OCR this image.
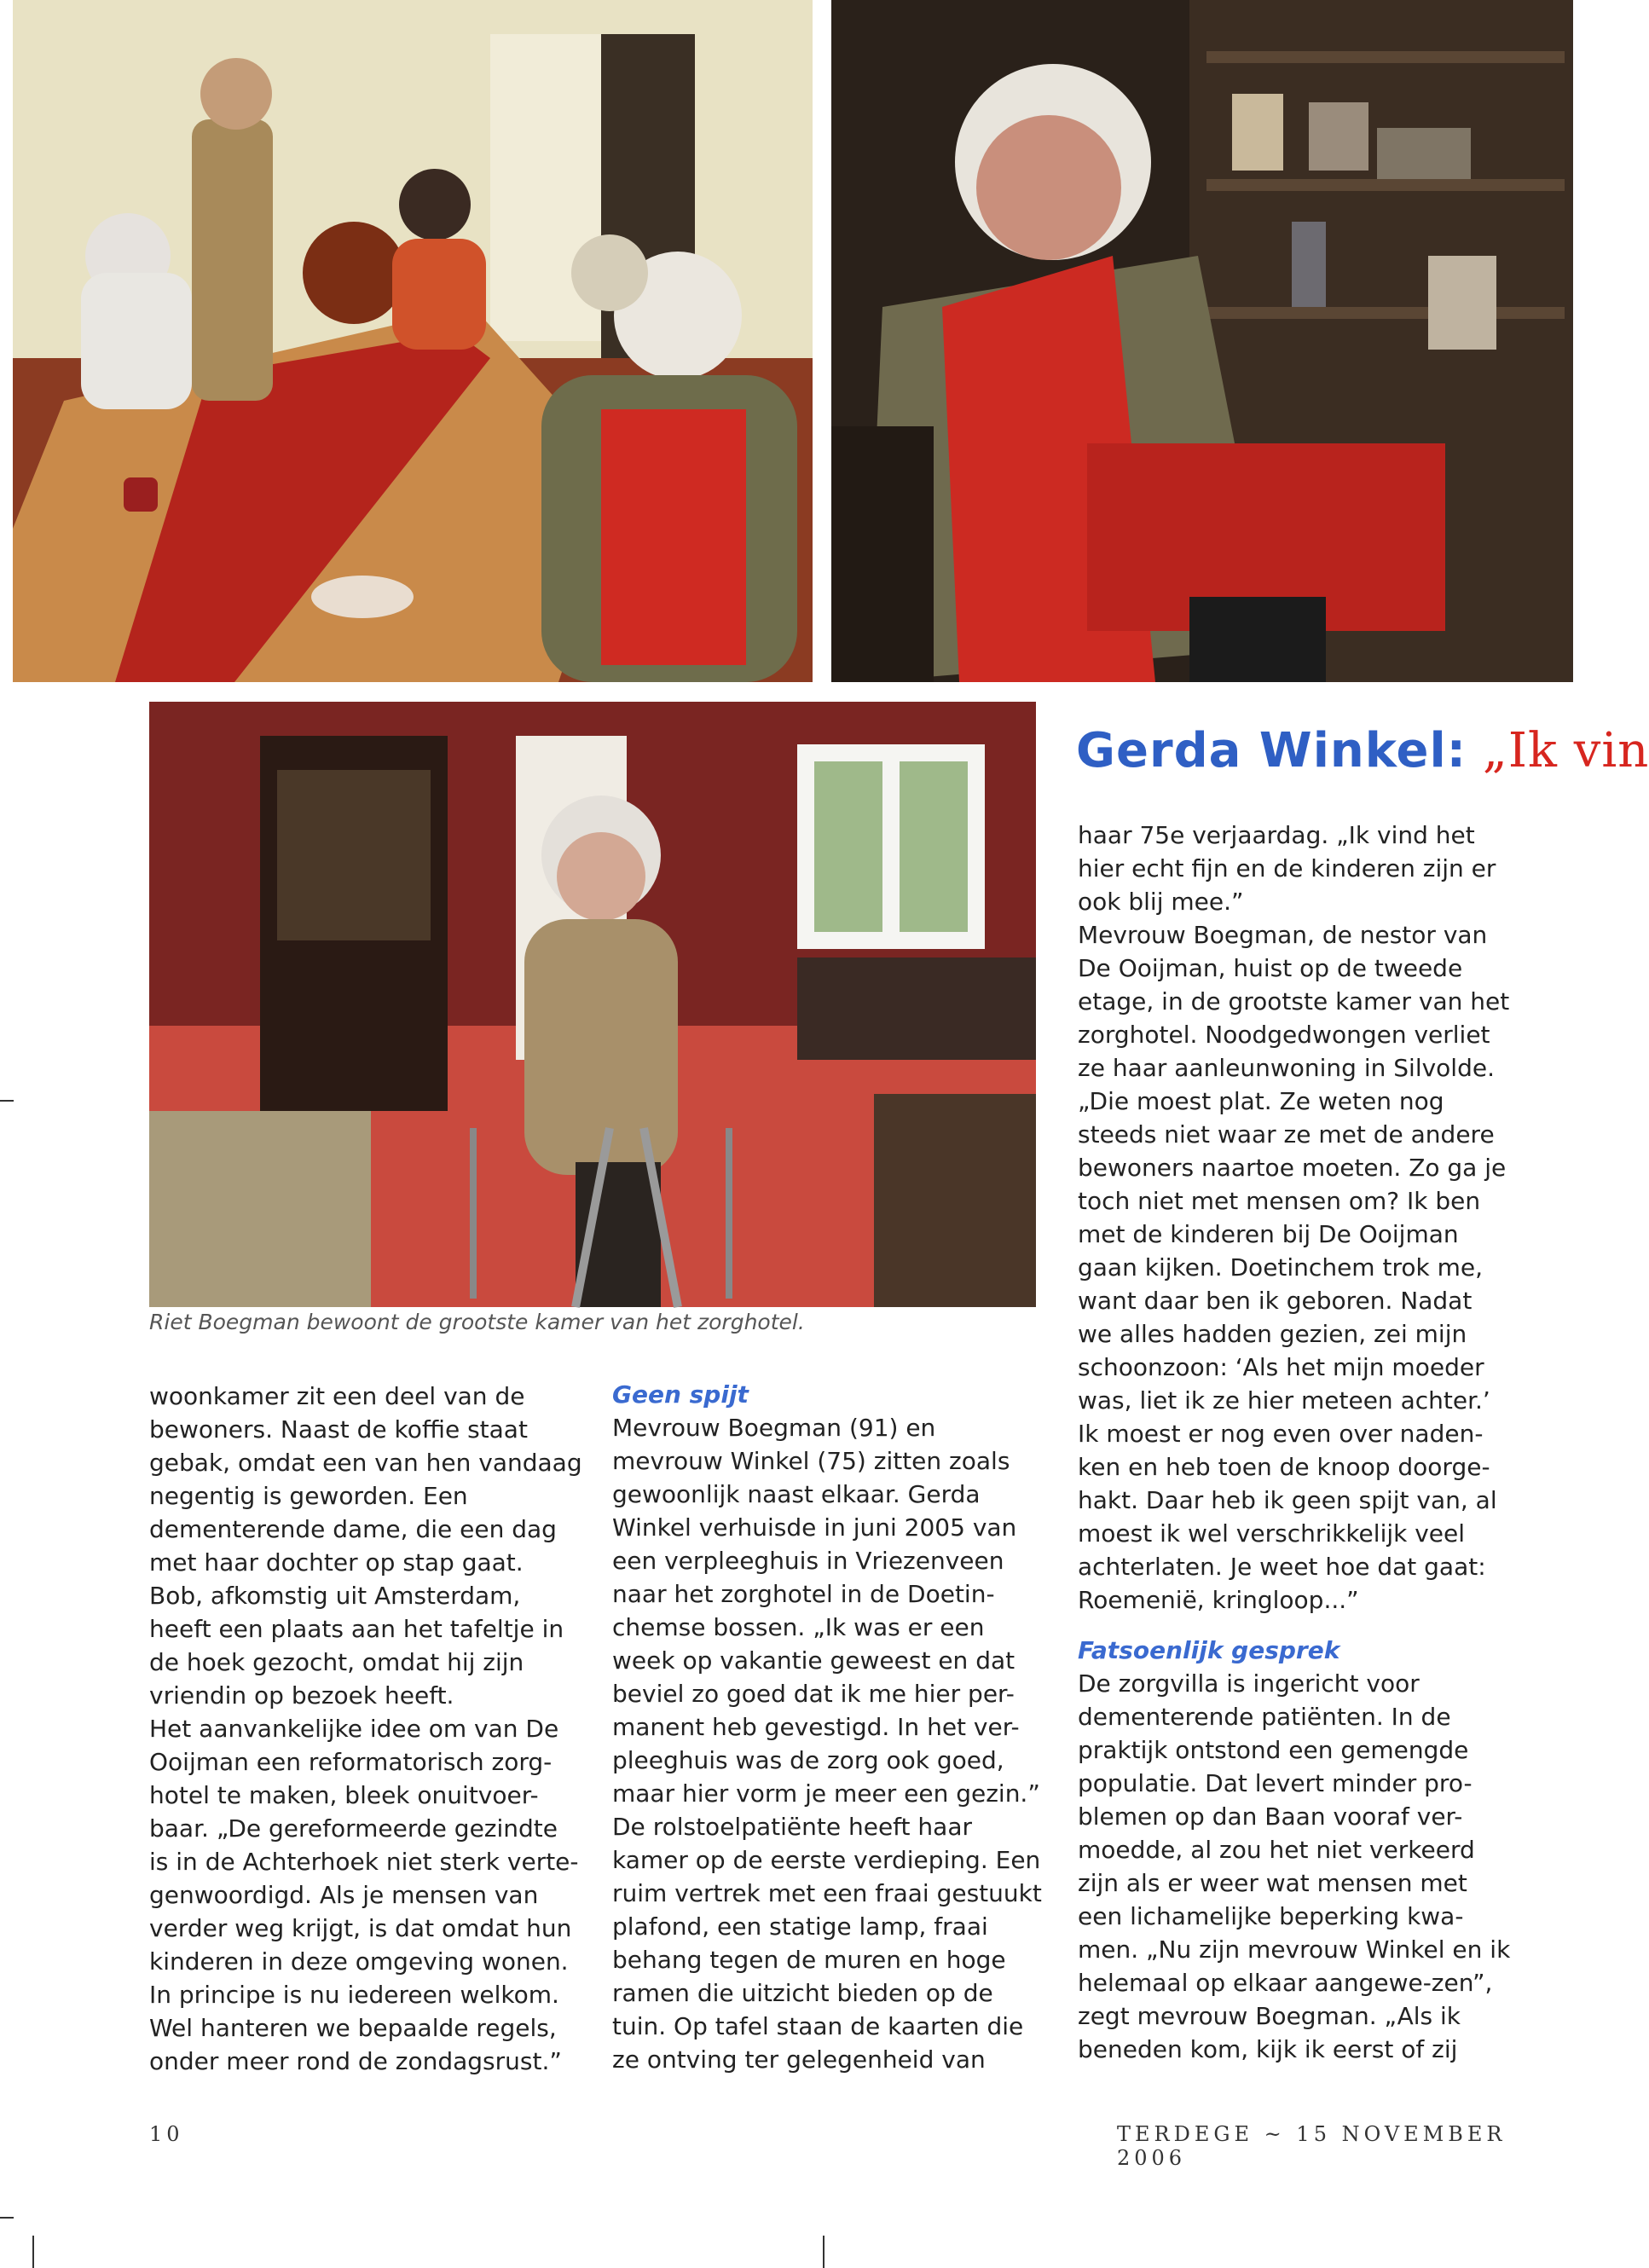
Gerda Winkel: „Ik vin
Riet Boegman bewoont de grootste kamer van het zorghotel.

woonkamer zit een deel van de bewoners. Naast de koffie staat gebak, omdat een van hen vandaag negentig is geworden. Een dementerende dame, die een dag met haar dochter op stap gaat. Bob, afkomstig uit Amsterdam, heeft een plaats aan het tafeltje in de hoek gezocht, omdat hij zijn vriendin op bezoek heeft.

Het aanvankelijke idee om van De Ooijman een reformatorisch zorg-hotel te maken, bleek onuitvoer-baar. „De gereformeerde gezindte is in de Achterhoek niet sterk verte-genwoordigd. Als je mensen van verder weg krijgt, is dat omdat hun kinderen in deze omgeving wonen. In principe is nu iedereen welkom. Wel hanteren we bepaalde regels, onder meer rond de zondagsrust.”

Geen spijt

Mevrouw Boegman (91) en mevrouw Winkel (75) zitten zoals gewoonlijk naast elkaar. Gerda Winkel verhuisde in juni 2005 van een verpleeghuis in Vriezenveen naar het zorghotel in de Doetin-chemse bossen. „Ik was er een week op vakantie geweest en dat beviel zo goed dat ik me hier per-manent heb gevestigd. In het ver-pleeghuis was de zorg ook goed, maar hier vorm je meer een gezin.” De rolstoelpatiënte heeft haar kamer op de eerste verdieping. Een ruim vertrek met een fraai gestuukt plafond, een statige lamp, fraai behang tegen de muren en hoge ramen die uitzicht bieden op de tuin. Op tafel staan de kaarten die ze ontving ter gelegenheid van

haar 75e verjaardag. „Ik vind het hier echt fijn en de kinderen zijn er ook blij mee.”

Mevrouw Boegman, de nestor van De Ooijman, huist op de tweede etage, in de grootste kamer van het zorghotel. Noodgedwongen verliet ze haar aanleunwoning in Silvolde. „Die moest plat. Ze weten nog steeds niet waar ze met de andere bewoners naartoe moeten. Zo ga je toch niet met mensen om? Ik ben met de kinderen bij De Ooijman gaan kijken. Doetinchem trok me, want daar ben ik geboren. Nadat we alles hadden gezien, zei mijn schoonzoon: ‘Als het mijn moeder was, liet ik ze hier meteen achter.’ Ik moest er nog even over naden-ken en heb toen de knoop doorge-hakt. Daar heb ik geen spijt van, al moest ik wel verschrikkelijk veel achterlaten. Je weet hoe dat gaat: Roemenië, kringloop...”

Fatsoenlijk gesprek

De zorgvilla is ingericht voor dementerende patiënten. In de praktijk ontstond een gemengde populatie. Dat levert minder pro-blemen op dan Baan vooraf ver-moedde, al zou het niet verkeerd zijn als er weer wat mensen met een lichamelijke beperking kwa-men. „Nu zijn mevrouw Winkel en ik helemaal op elkaar aangewe-zen”, zegt mevrouw Boegman. „Als ik beneden kom, kijk ik eerst of zij

10	TERDEGE ~ 15 NOVEMBER 2006
